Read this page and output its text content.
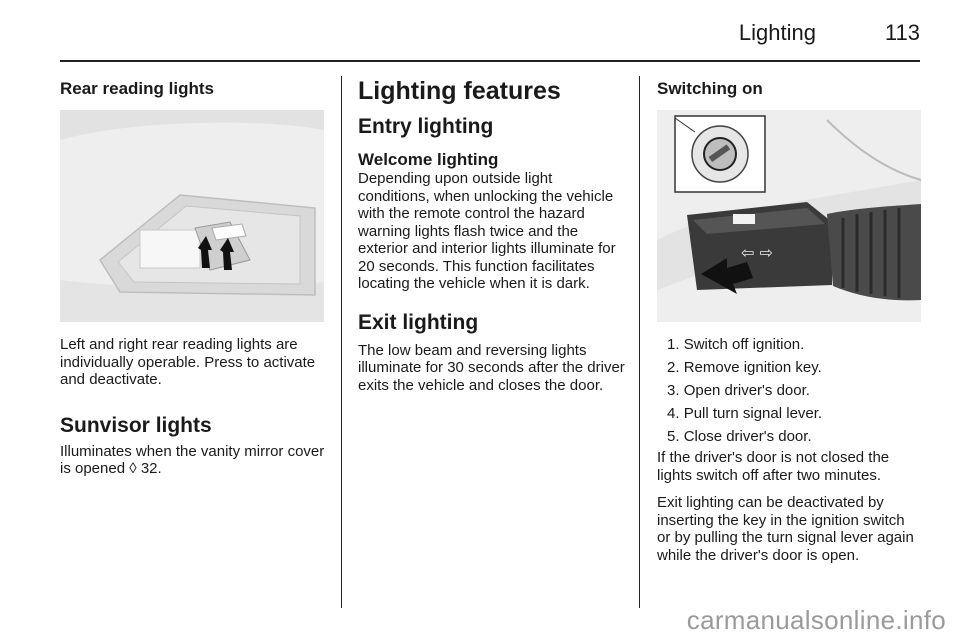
Lighting	113
Rear reading lights

Left and right rear reading lights are individually operable. Press to activate and deactivate.

Sunvisor lights

Illuminates when the vanity mirror cover is opened ◊ 32.

Lighting features
Entry lighting
Welcome lighting

Depending upon outside light conditions, when unlocking the vehicle with the remote control the hazard warning lights flash twice and the exterior and interior lights illuminate for 20 seconds. This function facilitates locating the vehicle when it is dark.

Exit lighting

The low beam and reversing lights illuminate for 30 seconds after the driver exits the vehicle and closes the door.

Switching on
⇦ ⇨
1. Switch off ignition.
2. Remove ignition key.
3. Open driver's door.
4. Pull turn signal lever.
5. Close driver's door.

If the driver's door is not closed the lights switch off after two minutes.

Exit lighting can be deactivated by inserting the key in the ignition switch or by pulling the turn signal lever again while the driver's door is open.

carmanualsonline.info
